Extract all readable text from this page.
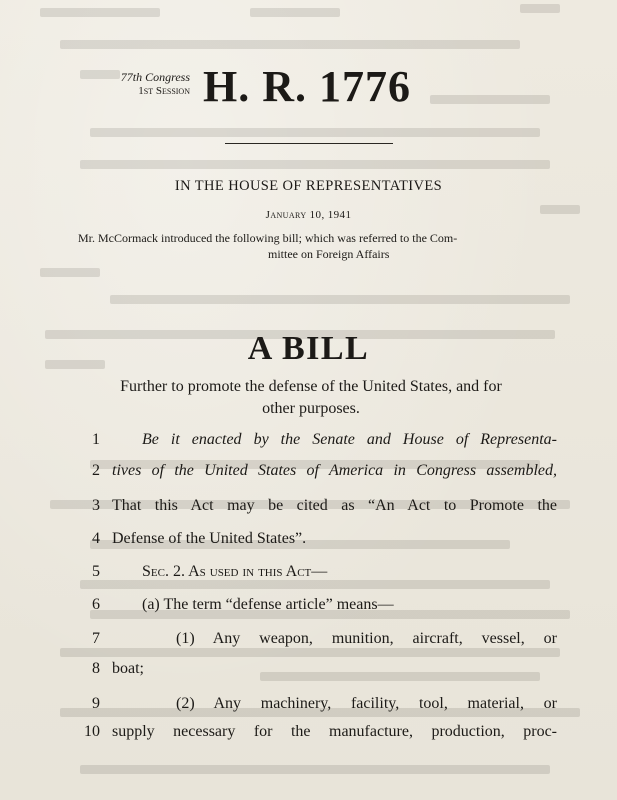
77th Congress
1st Session H. R. 1776
IN THE HOUSE OF REPRESENTATIVES
January 10, 1941
Mr. McCormack introduced the following bill; which was referred to the Com-
mittee on Foreign Affairs
A BILL
Further to promote the defense of the United States, and for
other purposes.
1	Be it enacted by the Senate and House of Representa-
2 tives of the United States of America in Congress assembled,
3 That this Act may be cited as “An Act to Promote the
4 Defense of the United States”.
5	Sec. 2. As used in this Act—
6	(a) The term “defense article” means—
7	(1) Any weapon, munition, aircraft, vessel, or
8 boat;
9	(2) Any machinery, facility, tool, material, or
10 supply necessary for the manufacture, production, proc-
